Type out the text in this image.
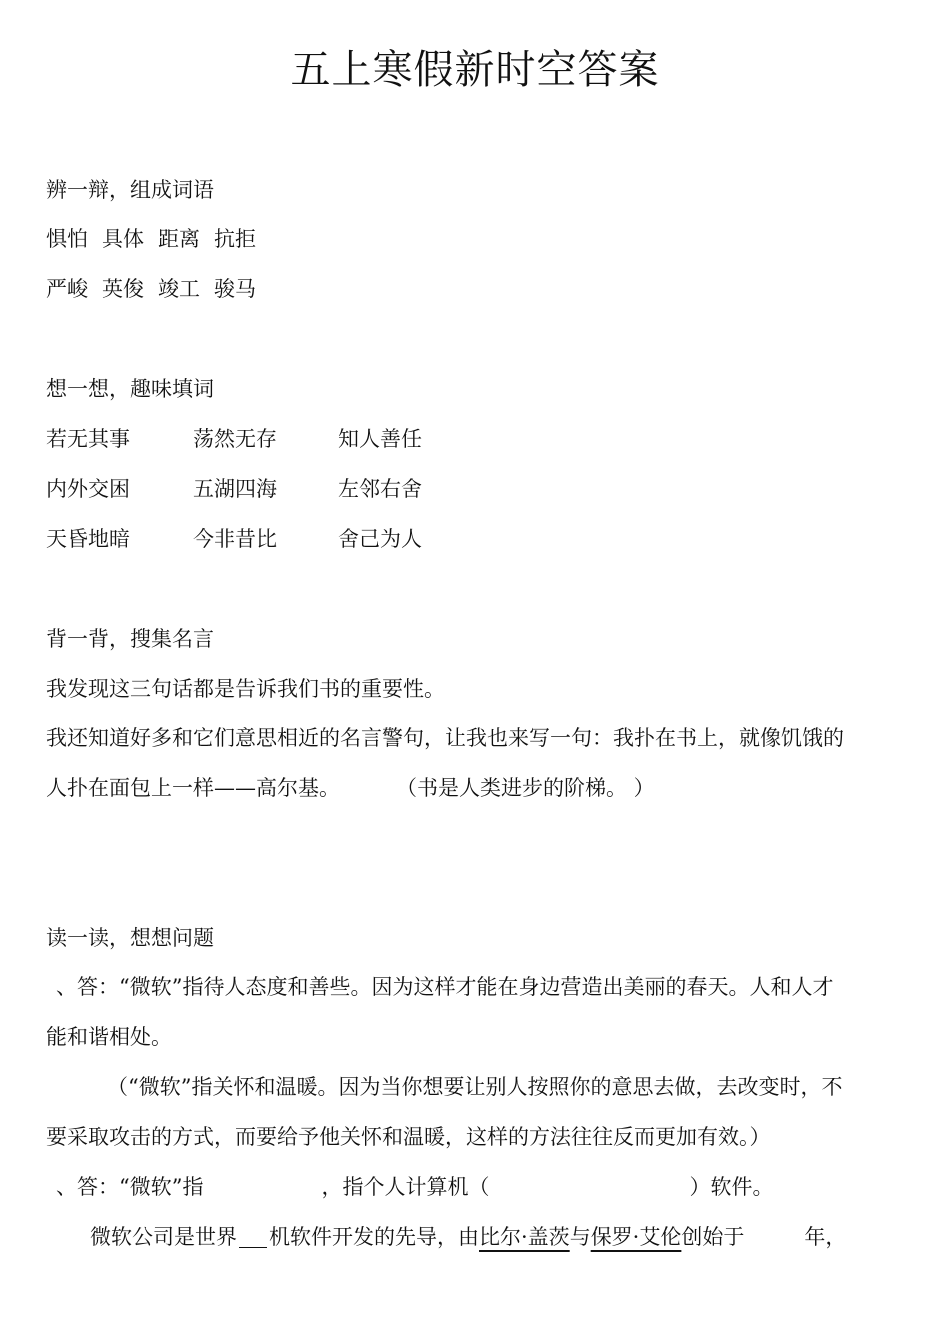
五上寒假新时空答案
辨一辩，组成词语
惧怕 具体 距离 抗拒
严峻 英俊 竣工 骏马
想一想，趣味填词
若无其事	荡然无存	知人善任
内外交困	五湖四海	左邻右舍
天昏地暗	今非昔比	舍己为人
背一背，搜集名言
我发现这三句话都是告诉我们书的重要性。
我还知道好多和它们意思相近的名言警句，让我也来写一句：我扑在书上，就像饥饿的
人扑在面包上一样——高尔基。	（书是人类进步的阶梯。 ）
读一读，想想问题
、答：“微软”指待人态度和善些。因为这样才能在身边营造出美丽的春天。人和人才
能和谐相处。
（“微软”指关怀和温暖。因为当你想要让别人按照你的意思去做，去改变时，不
要采取攻击的方式，而要给予他关怀和温暖，这样的方法往往反而更加有效。）
、答：“微软”指	，指个人计算机（	）软件。
微软公司是世界 机软件开发的先导，由比尔·盖茨与保罗·艾伦创始于	年，
